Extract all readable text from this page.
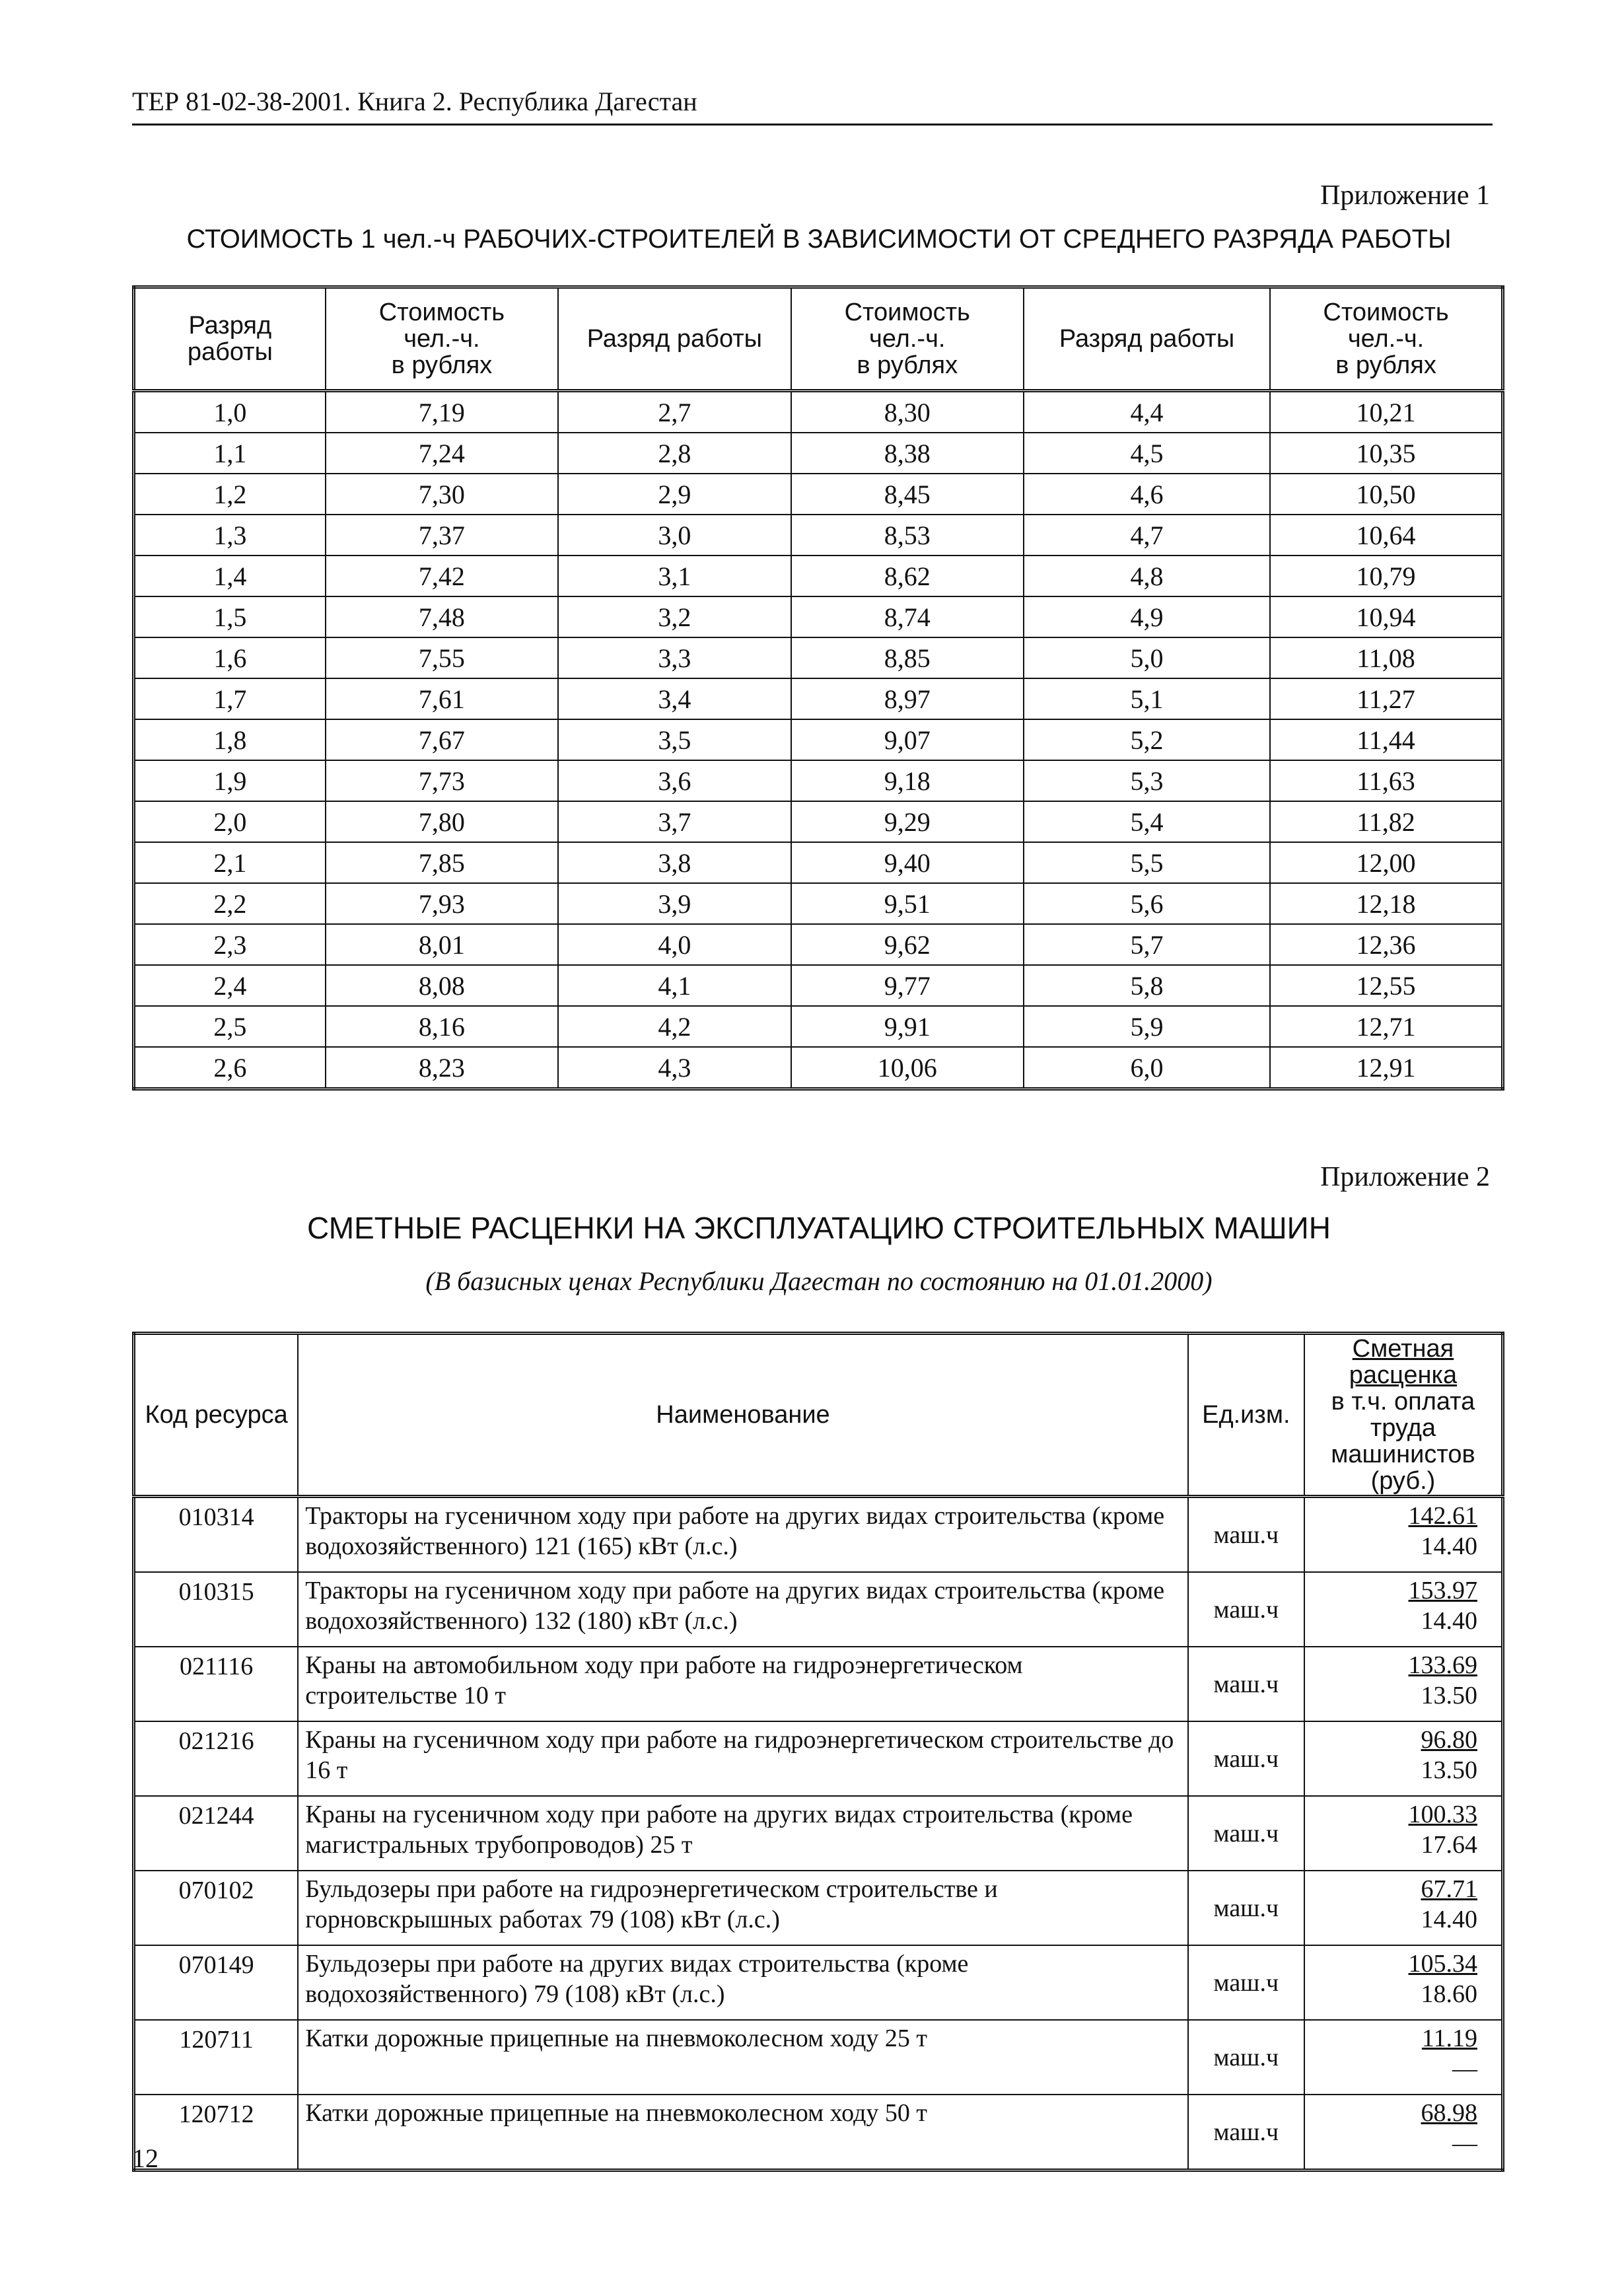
ТЕР 81-02-38-2001. Книга 2. Республика Дагестан
Приложение 1
СТОИМОСТЬ 1 чел.-ч РАБОЧИХ-СТРОИТЕЛЕЙ В ЗАВИСИМОСТИ ОТ СРЕДНЕГО РАЗРЯДА РАБОТЫ
Разряд
работы	Стоимость
чел.-ч.
в рублях	Разряд работы	Стоимость
чел.-ч.
в рублях	Разряд работы	Стоимость
чел.-ч.
в рублях
1,0	7,19	2,7	8,30	4,4	10,21
1,1	7,24	2,8	8,38	4,5	10,35
1,2	7,30	2,9	8,45	4,6	10,50
1,3	7,37	3,0	8,53	4,7	10,64
1,4	7,42	3,1	8,62	4,8	10,79
1,5	7,48	3,2	8,74	4,9	10,94
1,6	7,55	3,3	8,85	5,0	11,08
1,7	7,61	3,4	8,97	5,1	11,27
1,8	7,67	3,5	9,07	5,2	11,44
1,9	7,73	3,6	9,18	5,3	11,63
2,0	7,80	3,7	9,29	5,4	11,82
2,1	7,85	3,8	9,40	5,5	12,00
2,2	7,93	3,9	9,51	5,6	12,18
2,3	8,01	4,0	9,62	5,7	12,36
2,4	8,08	4,1	9,77	5,8	12,55
2,5	8,16	4,2	9,91	5,9	12,71
2,6	8,23	4,3	10,06	6,0	12,91
Приложение 2
СМЕТНЫЕ РАСЦЕНКИ НА ЭКСПЛУАТАЦИЮ СТРОИТЕЛЬНЫХ МАШИН
(В базисных ценах Республики Дагестан по состоянию на 01.01.2000)
Код ресурса	Наименование	Ед.изм.	Сметная расценка
в т.ч. оплата труда
машинистов
(руб.)

010314	Тракторы на гусеничном ходу при работе на других видах строительства (кроме водохозяйственного) 121 (165) кВт (л.с.)	маш.ч	142.61
14.40

010315	Тракторы на гусеничном ходу при работе на других видах строительства (кроме водохозяйственного) 132 (180) кВт (л.с.)	маш.ч	153.97
14.40

021116	Краны на автомобильном ходу при работе на гидроэнергетическом строительстве 10 т	маш.ч	133.69
13.50

021216	Краны на гусеничном ходу при работе на гидроэнергетическом строительстве до 16 т	маш.ч	96.80
13.50

021244	Краны на гусеничном ходу при работе на других видах строительства (кроме магистральных трубопроводов) 25 т	маш.ч	100.33
17.64

070102	Бульдозеры при работе на гидроэнергетическом строительстве и горновскрышных работах 79 (108) кВт (л.с.)	маш.ч	67.71
14.40

070149	Бульдозеры при работе на других видах строительства (кроме водохозяйственного) 79 (108) кВт (л.с.)	маш.ч	105.34
18.60

120711	Катки дорожные прицепные на пневмоколесном ходу 25 т	маш.ч	11.19
—

120712	Катки дорожные прицепные на пневмоколесном ходу 50 т	маш.ч	68.98
—
12
